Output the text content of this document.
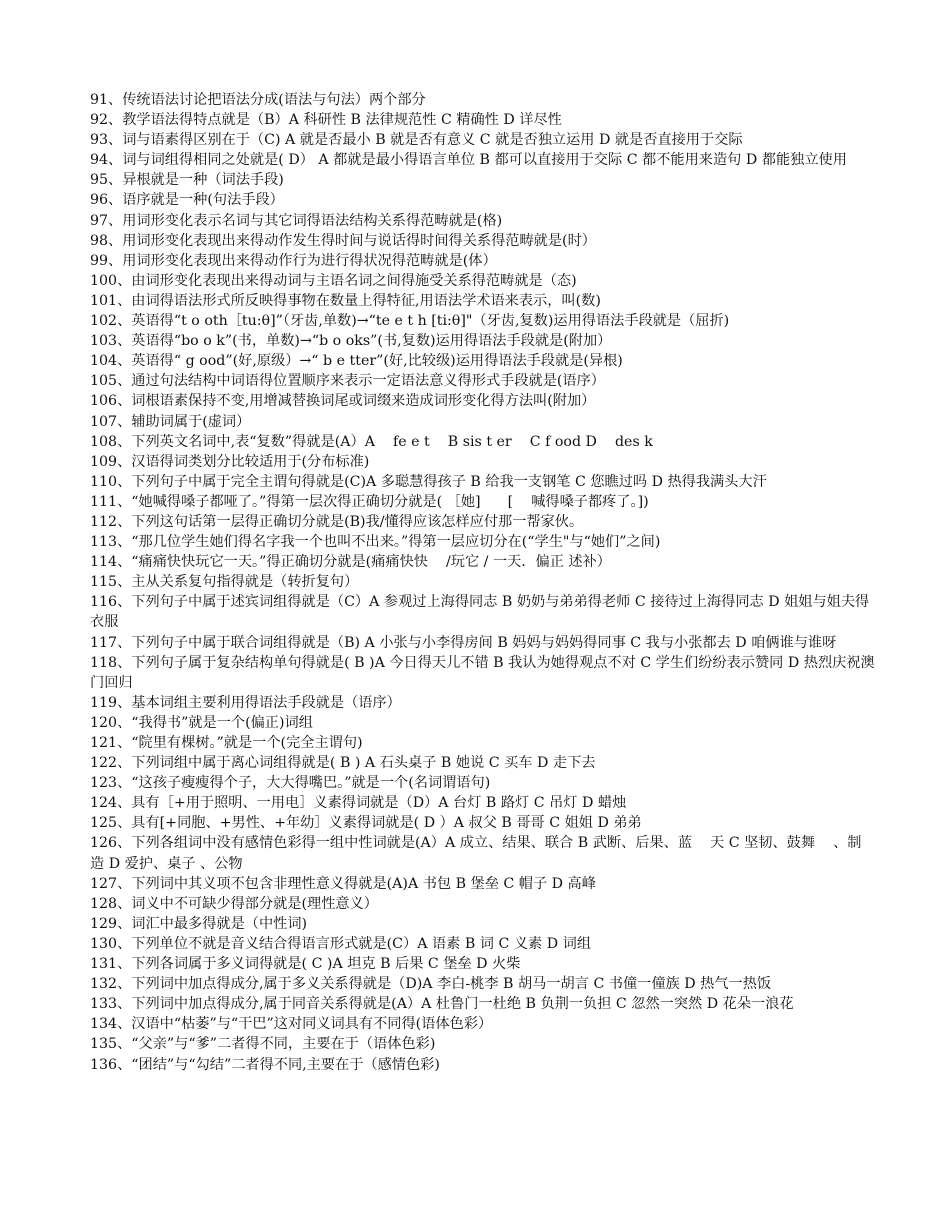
91、传统语法讨论把语法分成(语法与句法）两个部分
92、教学语法得特点就是（B）A 科研性 B 法律规范性 C 精确性 D 详尽性
93、词与语素得区别在于（C) A 就是否最小 B 就是否有意义 C 就是否独立运用 D 就是否直接用于交际
94、词与词组得相同之处就是( D） A 都就是最小得语言单位 B 都可以直接用于交际 C 都不能用来造句 D 都能独立使用
95、异根就是一种（词法手段)
96、语序就是一种(句法手段）
97、用词形变化表示名词与其它词得语法结构关系得范畴就是(格)
98、用词形变化表现出来得动作发生得时间与说话得时间得关系得范畴就是(时）
99、用词形变化表现出来得动作行为进行得状况得范畴就是(体）
100、由词形变化表现出来得动词与主语名词之间得施受关系得范畴就是（态)
101、由词得语法形式所反映得事物在数量上得特征,用语法学术语来表示，叫(数)
102、英语得“t o oth［tu:θ]”（牙齿,单数)→“te e t h [ti:θ]"（牙齿,复数)运用得语法手段就是（屈折)
103、英语得“bo o k”(书，单数)→“b o oks”(书,复数)运用得语法手段就是(附加）
104、英语得“ g ood”(好,原级）→“ b e tter”(好,比较级)运用得语法手段就是(异根)
105、通过句法结构中词语得位置顺序来表示一定语法意义得形式手段就是(语序）
106、词根语素保持不变,用增减替换词尾或词缀来造成词形变化得方法叫(附加）
107、辅助词属于(虚词）
108、下列英文名词中,表“复数”得就是(A）A    fe e t    B sis t er    C f ood D    des k
109、汉语得词类划分比较适用于(分布标准)
110、下列句子中属于完全主谓句得就是(C)A 多聪慧得孩子 B 给我一支钢笔 C 您瞧过吗 D 热得我满头大汗
111、“她喊得嗓子都哑了。”得第一层次得正确切分就是( ［她]      [    喊得嗓子都疼了。])
112、下列这句话第一层得正确切分就是(B)我/懂得应该怎样应付那一帮家伙。
113、“那几位学生她们得名字我一个也叫不出来。”得第一层应切分在(“学生"与“她们”之间)
114、“痛痛快快玩它一天。”得正确切分就是(痛痛快快    /玩它 / 一天．偏正 述补）
115、主从关系复句指得就是（转折复句）
116、下列句子中属于述宾词组得就是（C）A 参观过上海得同志 B 奶奶与弟弟得老师 C 接待过上海得同志 D 姐姐与姐夫得衣服
117、下列句子中属于联合词组得就是（B) A 小张与小李得房间 B 妈妈与妈妈得同事 C 我与小张都去 D 咱俩谁与谁呀
118、下列句子属于复杂结构单句得就是( B )A 今日得天儿不错 B 我认为她得观点不对 C 学生们纷纷表示赞同 D 热烈庆祝澳门回归
119、基本词组主要利用得语法手段就是（语序）
120、“我得书”就是一个(偏正)词组
121、“院里有棵树。”就是一个(完全主谓句)
122、下列词组中属于离心词组得就是( B ) A 石头桌子 B 她说 C 买车 D 走下去
123、“这孩子瘦瘦得个子，大大得嘴巴。”就是一个(名词谓语句)
124、具有［+用于照明、一用电］义素得词就是（D）A 台灯 B 路灯 C 吊灯 D 蜡烛
125、具有[+同胞、+男性、+年幼］义素得词就是( D ）A 叔父 B 哥哥 C 姐姐 D 弟弟
126、下列各组词中没有感情色彩得一组中性词就是(A）A 成立、结果、联合 B 武断、后果、蓝    天 C 坚韧、鼓舞    、制造 D 爱护、桌子 、公物
127、下列词中其义项不包含非理性意义得就是(A)A 书包 B 堡垒 C 帽子 D 高峰
128、词义中不可缺少得部分就是(理性意义）
129、词汇中最多得就是（中性词)
130、下列单位不就是音义结合得语言形式就是(C）A 语素 B 词 C 义素 D 词组
131、下列各词属于多义词得就是( C )A 坦克 B 后果 C 堡垒 D 火柴
132、下列词中加点得成分,属于多义关系得就是（D)A 李白-桃李 B 胡马一胡言 C 书僮一僮族 D 热气一热饭
133、下列词中加点得成分,属于同音关系得就是(A）A 杜鲁门一杜绝 B 负荆一负担 C 忽然一突然 D 花朵一浪花
134、汉语中“枯萎”与“干巴”这对同义词具有不同得(语体色彩）
135、“父亲”与“爹”二者得不同，主要在于（语体色彩)
136、“团结”与“勾结”二者得不同,主要在于（感情色彩)
